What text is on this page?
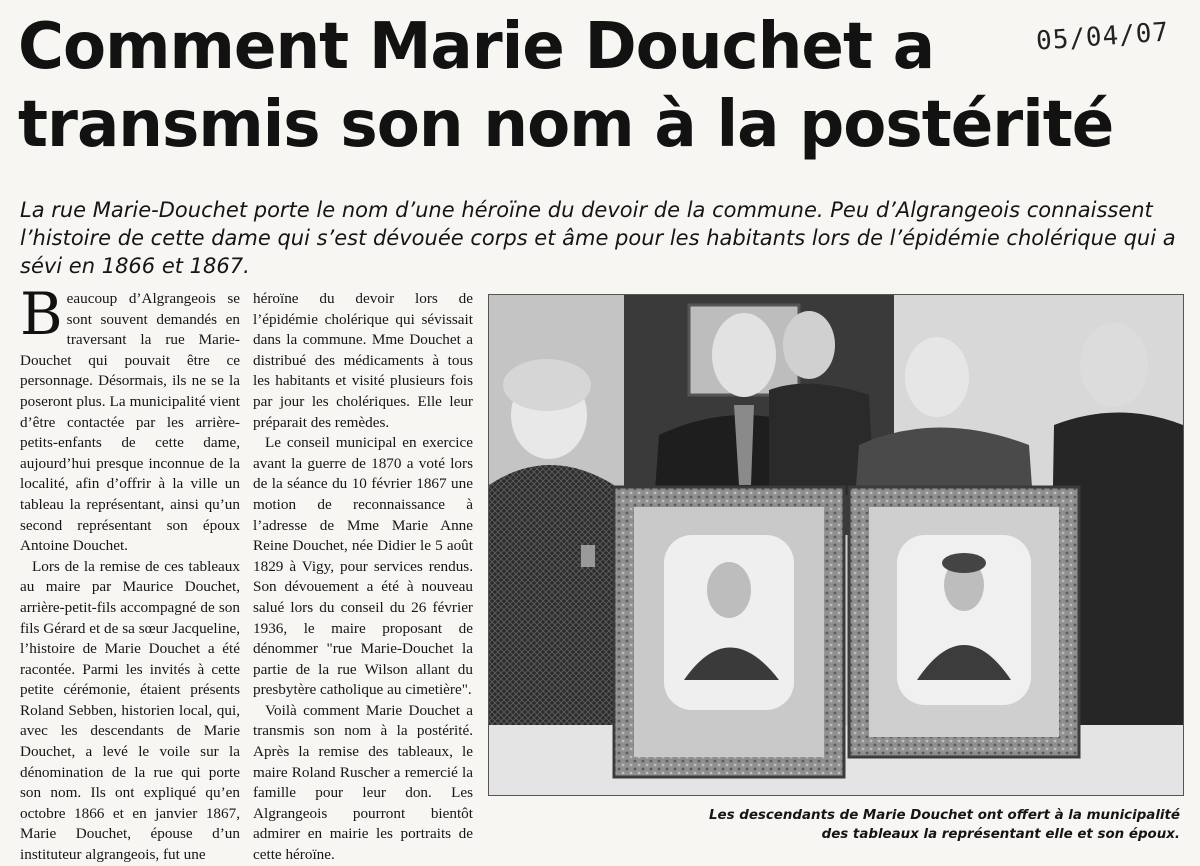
Comment Marie Douchet a
transmis son nom à la postérité
05/04/07
La rue Marie-Douchet porte le nom d’une héroïne du devoir de la commune. Peu d’Algrangeois connaissent l’histoire de cette dame qui s’est dévouée corps et âme pour les habitants lors de l’épidémie cholérique qui a sévi en 1866 et 1867.

Beaucoup d’Algrangeois se sont souvent demandés en traversant la rue Marie-Douchet qui pouvait être ce personnage. Désormais, ils ne se la poseront plus. La municipalité vient d’être contactée par les arrière-petits-enfants de cette dame, aujourd’hui presque inconnue de la localité, afin d’offrir à la ville un tableau la représentant, ainsi qu’un second représentant son époux Antoine Douchet.

Lors de la remise de ces tableaux au maire par Maurice Douchet, arrière-petit-fils accompagné de son fils Gérard et de sa sœur Jacqueline, l’histoire de Marie Douchet a été racontée. Parmi les invités à cette petite cérémonie, étaient présents Roland Sebben, historien local, qui, avec les descendants de Marie Douchet, a levé le voile sur la dénomination de la rue qui porte son nom. Ils ont expliqué qu’en octobre 1866 et en janvier 1867, Marie Douchet, épouse d’un instituteur algrangeois, fut une

héroïne du devoir lors de l’épidémie cholérique qui sévissait dans la commune. Mme Douchet a distribué des médicaments à tous les habitants et visité plusieurs fois par jour les cholériques. Elle leur préparait des remèdes.

Le conseil municipal en exercice avant la guerre de 1870 a voté lors de la séance du 10 février 1867 une motion de reconnaissance à l’adresse de Mme Marie Anne Reine Douchet, née Didier le 5 août 1829 à Vigy, pour services rendus. Son dévouement a été à nouveau salué lors du conseil du 26 février 1936, le maire proposant de dénommer "rue Marie-Douchet la partie de la rue Wilson allant du presbytère catholique au cimetière".

Voilà comment Marie Douchet a transmis son nom à la postérité. Après la remise des tableaux, le maire Roland Ruscher a remercié la famille pour leur don. Les Algrangeois pourront bientôt admirer en mairie les portraits de cette héroïne.

Les descendants de Marie Douchet ont offert à la municipalité
des tableaux la représentant elle et son époux.
